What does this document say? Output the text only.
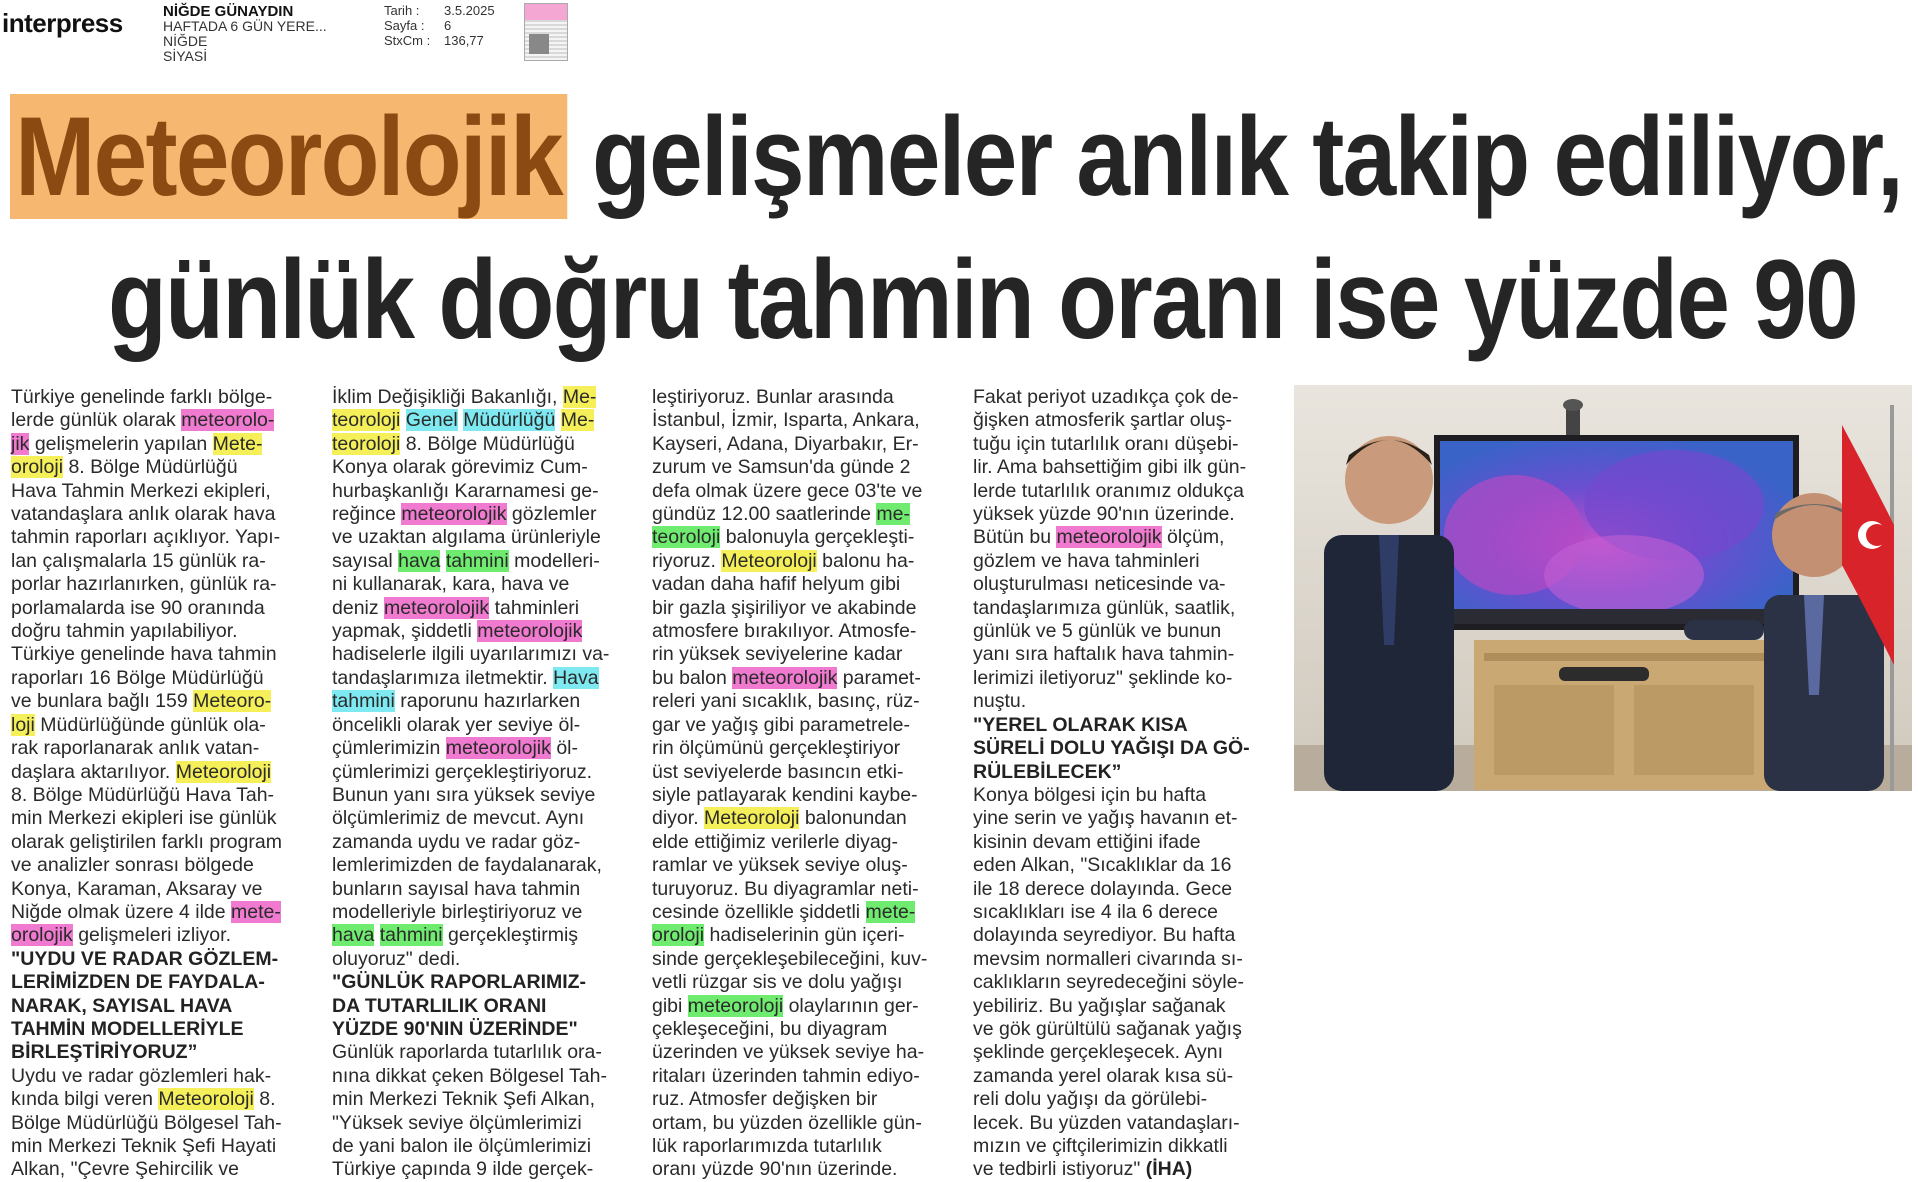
interpress	NİĞDE GÜNAYDIN
HAFTADA 6 GÜN YERE...
NİĞDE
SİYASİ
Tarih :	3.5.2025
Sayfa :	6
StxCm :	136,77
Meteorolojik gelişmeler anlık takip ediliyor,
günlük doğru tahmin oranı ise yüzde 90
Türkiye genelinde farklı bölge-lerde günlük olarak meteorolo-
jik gelişmelerin yapılan Mete-
oroloji 8. Bölge Müdürlüğü
Hava Tahmin Merkezi ekipleri,
vatandaşlara anlık olarak hava
tahmin raporları açıklıyor. Yapı-
lan çalışmalarla 15 günlük ra-
porlar hazırlanırken, günlük ra-
porlamalarda ise 90 oranında
doğru tahmin yapılabiliyor.
Türkiye genelinde hava tahmin
raporları 16 Bölge Müdürlüğü
ve bunlara bağlı 159 Meteoro-
loji Müdürlüğünde günlük ola-
rak raporlanarak anlık vatan-
daşlara aktarılıyor. Meteoroloji
8. Bölge Müdürlüğü Hava Tah-
min Merkezi ekipleri ise günlük
olarak geliştirilen farklı program
ve analizler sonrası bölgede
Konya, Karaman, Aksaray ve
Niğde olmak üzere 4 ilde mete-
orolojik gelişmeleri izliyor.
"UYDU VE RADAR GÖZLEM-
LERİMİZDEN DE FAYDALA-
NARAK, SAYISAL HAVA
TAHMİN MODELLERİYLE
BİRLEŞTİRİYORUZ”
Uydu ve radar gözlemleri hak-
kında bilgi veren Meteoroloji 8.
Bölge Müdürlüğü Bölgesel Tah-
min Merkezi Teknik Şefi Hayati
Alkan, "Çevre Şehircilik ve
İklim Değişikliği Bakanlığı, Me-
teoroloji Genel Müdürlüğü Me-
teoroloji 8. Bölge Müdürlüğü
Konya olarak görevimiz Cum-
hurbaşkanlığı Kararnamesi ge-
reğince meteorolojik gözlemler
ve uzaktan algılama ürünleriyle
sayısal hava tahmini modelleri-
ni kullanarak, kara, hava ve
deniz meteorolojik tahminleri
yapmak, şiddetli meteorolojik
hadiselerle ilgili uyarılarımızı va-
tandaşlarımıza iletmektir. Hava
tahmini raporunu hazırlarken
öncelikli olarak yer seviye öl-
çümlerimizin meteorolojik öl-
çümlerimizi gerçekleştiriyoruz.
Bunun yanı sıra yüksek seviye
ölçümlerimiz de mevcut. Aynı
zamanda uydu ve radar göz-
lemlerimizden de faydalanarak,
bunların sayısal hava tahmin
modelleriyle birleştiriyoruz ve
hava tahmini gerçekleştirmiş
oluyoruz" dedi.
"GÜNLÜK RAPORLARIMIZ-
DA TUTARLILIK ORANI
YÜZDE 90'NIN ÜZERİNDE"
Günlük raporlarda tutarlılık ora-
nına dikkat çeken Bölgesel Tah-
min Merkezi Teknik Şefi Alkan,
"Yüksek seviye ölçümlerimizi
de yani balon ile ölçümlerimizi
Türkiye çapında 9 ilde gerçek-
leştiriyoruz. Bunlar arasında
İstanbul, İzmir, Isparta, Ankara,
Kayseri, Adana, Diyarbakır, Er-
zurum ve Samsun'da günde 2
defa olmak üzere gece 03'te ve
gündüz 12.00 saatlerinde me-
teoroloji balonuyla gerçekleşti-
riyoruz. Meteoroloji balonu ha-
vadan daha hafif helyum gibi
bir gazla şişiriliyor ve akabinde
atmosfere bırakılıyor. Atmosfe-
rin yüksek seviyelerine kadar
bu balon meteorolojik paramet-
releri yani sıcaklık, basınç, rüz-
gar ve yağış gibi parametrele-
rin ölçümünü gerçekleştiriyor
üst seviyelerde basıncın etki-
siyle patlayarak kendini kaybe-
diyor. Meteoroloji balonundan
elde ettiğimiz verilerle diyag-
ramlar ve yüksek seviye oluş-
turuyoruz. Bu diyagramlar neti-
cesinde özellikle şiddetli mete-
oroloji hadiselerinin gün içeri-
sinde gerçekleşebileceğini, kuv-
vetli rüzgar sis ve dolu yağışı
gibi meteoroloji olaylarının ger-
çekleşeceğini, bu diyagram
üzerinden ve yüksek seviye ha-
ritaları üzerinden tahmin ediyo-
ruz. Atmosfer değişken bir
ortam, bu yüzden özellikle gün-
lük raporlarımızda tutarlılık
oranı yüzde 90'nın üzerinde.
Fakat periyot uzadıkça çok de-
ğişken atmosferik şartlar oluş-
tuğu için tutarlılık oranı düşebi-
lir. Ama bahsettiğim gibi ilk gün-
lerde tutarlılık oranımız oldukça
yüksek yüzde 90'nın üzerinde.
Bütün bu meteorolojik ölçüm,
gözlem ve hava tahminleri
oluşturulması neticesinde va-
tandaşlarımıza günlük, saatlik,
günlük ve 5 günlük ve bunun
yanı sıra haftalık hava tahmin-
lerimizi iletiyoruz" şeklinde ko-
nuştu.
"YEREL OLARAK KISA
SÜRELİ DOLU YAĞIŞI DA GÖ-
RÜLEBİLECEK”
Konya bölgesi için bu hafta
yine serin ve yağış havanın et-
kisinin devam ettiğini ifade
eden Alkan, "Sıcaklıklar da 16
ile 18 derece dolayında. Gece
sıcaklıkları ise 4 ila 6 derece
dolayında seyrediyor. Bu hafta
mevsim normalleri civarında sı-
caklıkların seyredeceğini söyle-
yebiliriz. Bu yağışlar sağanak
ve gök gürültülü sağanak yağış
şeklinde gerçekleşecek. Aynı
zamanda yerel olarak kısa sü-
reli dolu yağışı da görülebi-
lecek. Bu yüzden vatandaşları-
mızın ve çiftçilerimizin dikkatli
ve tedbirli istiyoruz" (İHA)
